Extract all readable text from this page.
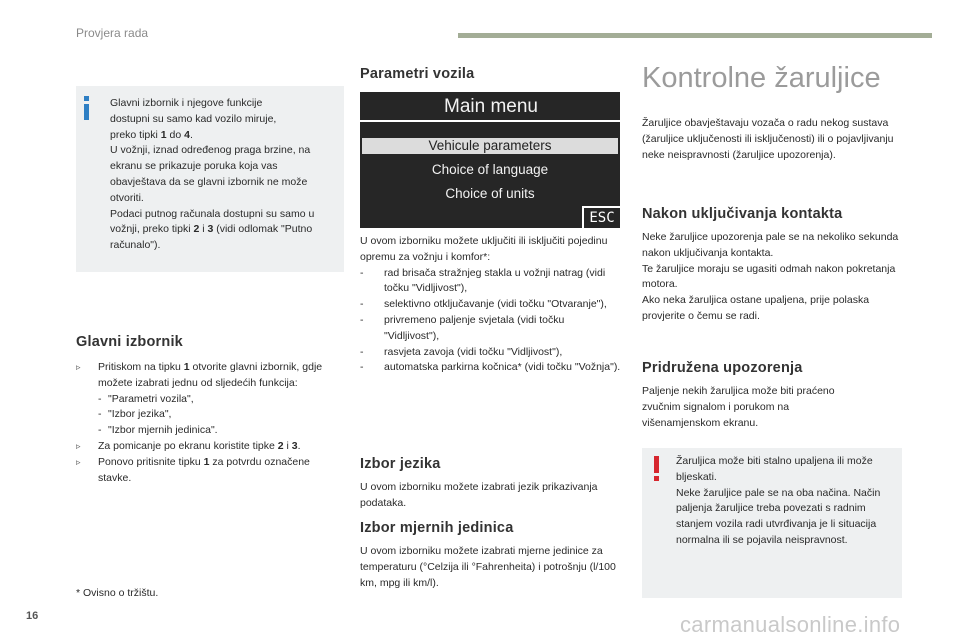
Provjera rada
Glavni izbornik i njegove funkcije
dostupni su samo kad vozilo miruje,
preko tipki 1 do 4.
U vožnji, iznad određenog praga brzine, na ekranu se prikazuje poruka koja vas obavještava da se glavni izbornik ne može otvoriti.
Podaci putnog računala dostupni su samo u vožnji, preko tipki 2 i 3 (vidi odlomak "Putno računalo").
Glavni izbornik
▹ Pritiskom na tipku 1 otvorite glavni izbornik, gdje možete izabrati jednu od sljedećih funkcija:
- "Parametri vozila",
- "Izbor jezika",
- "Izbor mjernih jedinica".
▹ Za pomicanje po ekranu koristite tipke 2 i 3.
▹ Ponovo pritisnite tipku 1 za potvrdu označene stavke.
* Ovisno o tržištu.
16
Parametri vozila
Main menu
Vehicule parameters
Choice of language
Choice of units
ESC
U ovom izborniku možete uključiti ili isključiti pojedinu opremu za vožnju i komfor*:
- rad brisača stražnjeg stakla u vožnji natrag (vidi točku "Vidljivost"),
- selektivno otključavanje (vidi točku "Otvaranje"),
- privremeno paljenje svjetala (vidi točku "Vidljivost"),
- rasvjeta zavoja (vidi točku "Vidljivost"),
- automatska parkirna kočnica* (vidi točku "Vožnja").
Izbor jezika
U ovom izborniku možete izabrati jezik prikazivanja podataka.
Izbor mjernih jedinica
U ovom izborniku možete izabrati mjerne jedinice za temperaturu (°Celzija ili °Fahrenheita) i potrošnju (l/100 km, mpg ili km/l).
Kontrolne žaruljice
Žaruljice obavještavaju vozača o radu nekog sustava (žaruljice uključenosti ili isključenosti) ili o pojavljivanju neke neispravnosti (žaruljice upozorenja).
Nakon uključivanja kontakta
Neke žaruljice upozorenja pale se na nekoliko sekunda nakon uključivanja kontakta.
Te žaruljice moraju se ugasiti odmah nakon pokretanja motora.
Ako neka žaruljica ostane upaljena, prije polaska provjerite o čemu se radi.
Pridružena upozorenja
Paljenje nekih žaruljica može biti praćeno zvučnim signalom i porukom na višenamjenskom ekranu.
Žaruljica može biti stalno upaljena ili može bljeskati.
Neke žaruljice pale se na oba načina. Način paljenja žaruljice treba povezati s radnim stanjem vozila radi utvrđivanja je li situacija normalna ili se pojavila neispravnost.
carmanualsonline.info
